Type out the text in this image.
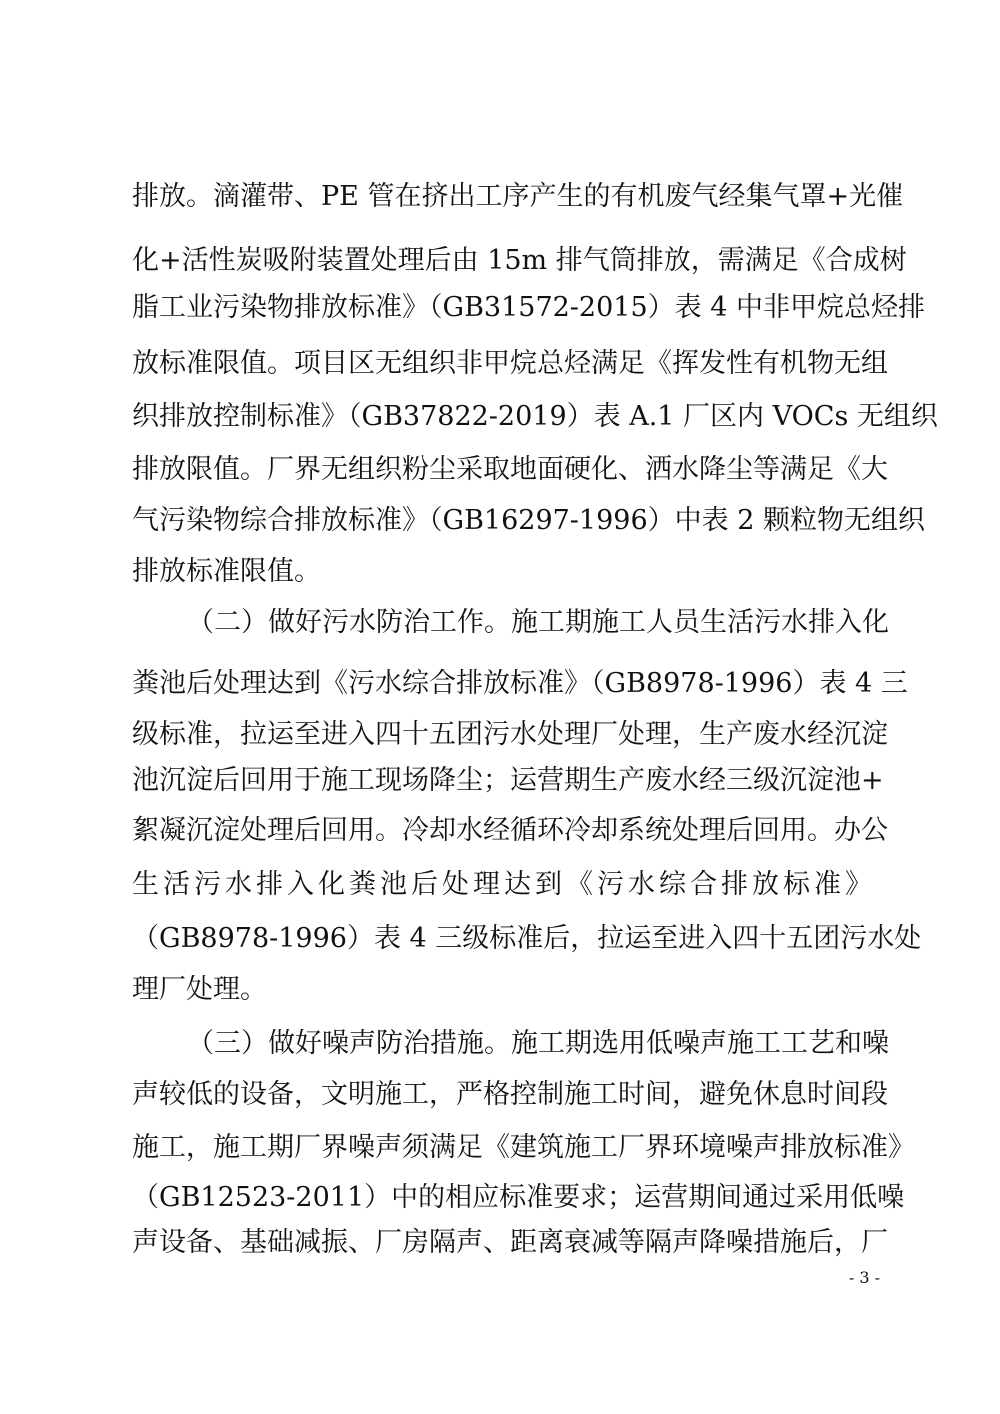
排放。滴灌带、PE 管在挤出工序产生的有机废气经集气罩+光催
化+活性炭吸附装置处理后由 15m 排气筒排放，需满足《合成树
脂工业污染物排放标准》（GB31572-2015）表 4 中非甲烷总烃排
放标准限值。项目区无组织非甲烷总烃满足《挥发性有机物无组
织排放控制标准》（GB37822-2019）表 A.1 厂区内 VOCs 无组织
排放限值。厂界无组织粉尘采取地面硬化、洒水降尘等满足《大
气污染物综合排放标准》（GB16297-1996）中表 2 颗粒物无组织
排放标准限值。
（二）做好污水防治工作。施工期施工人员生活污水排入化
粪池后处理达到《污水综合排放标准》（GB8978-1996）表 4 三
级标准，拉运至进入四十五团污水处理厂处理，生产废水经沉淀
池沉淀后回用于施工现场降尘；运营期生产废水经三级沉淀池+
絮凝沉淀处理后回用。冷却水经循环冷却系统处理后回用。办公
生活污水排入化粪池后处理达到《污水综合排放标准》
（GB8978-1996）表 4 三级标准后，拉运至进入四十五团污水处
理厂处理。
（三）做好噪声防治措施。施工期选用低噪声施工工艺和噪
声较低的设备，文明施工，严格控制施工时间，避免休息时间段
施工，施工期厂界噪声须满足《建筑施工厂界环境噪声排放标准》
（GB12523-2011）中的相应标准要求；运营期间通过采用低噪
声设备、基础减振、厂房隔声、距离衰减等隔声降噪措施后，厂
- 3 -
